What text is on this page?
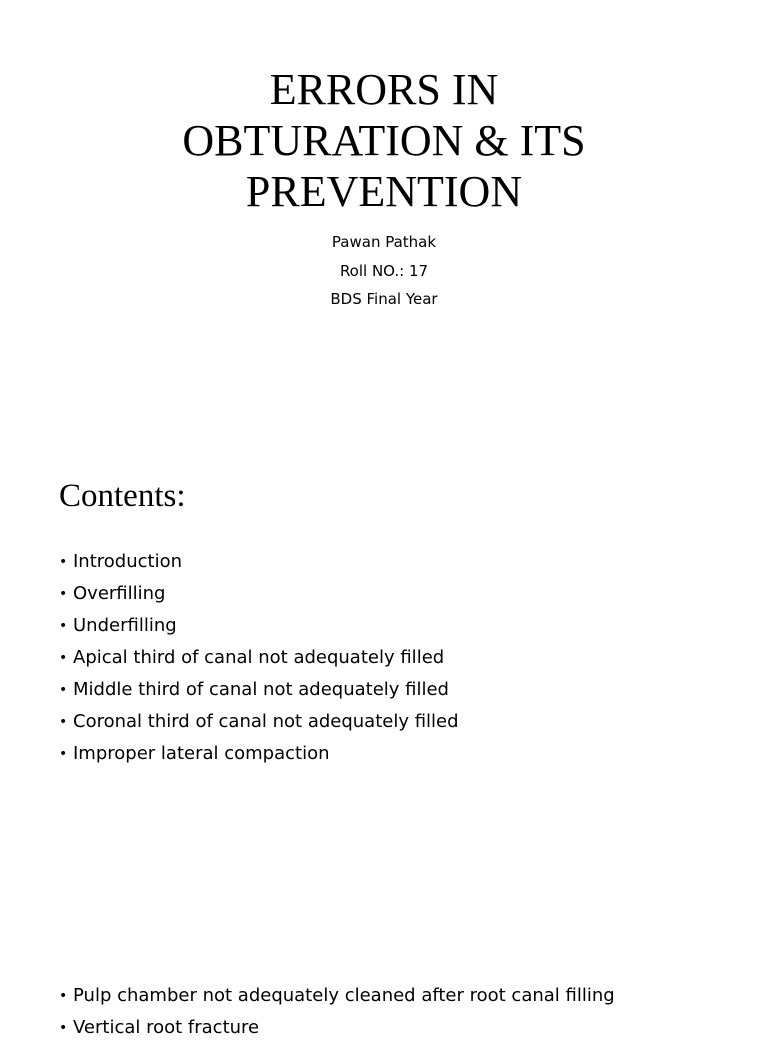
ERRORS IN
OBTURATION & ITS
PREVENTION
Pawan Pathak
Roll NO.: 17
BDS Final Year
Contents:
• Introduction
• Overfilling
• Underfilling
• Apical third of canal not adequately filled
• Middle third of canal not adequately filled
• Coronal third of canal not adequately filled
• Improper lateral compaction
• Pulp chamber not adequately cleaned after root canal filling
• Vertical root fracture
